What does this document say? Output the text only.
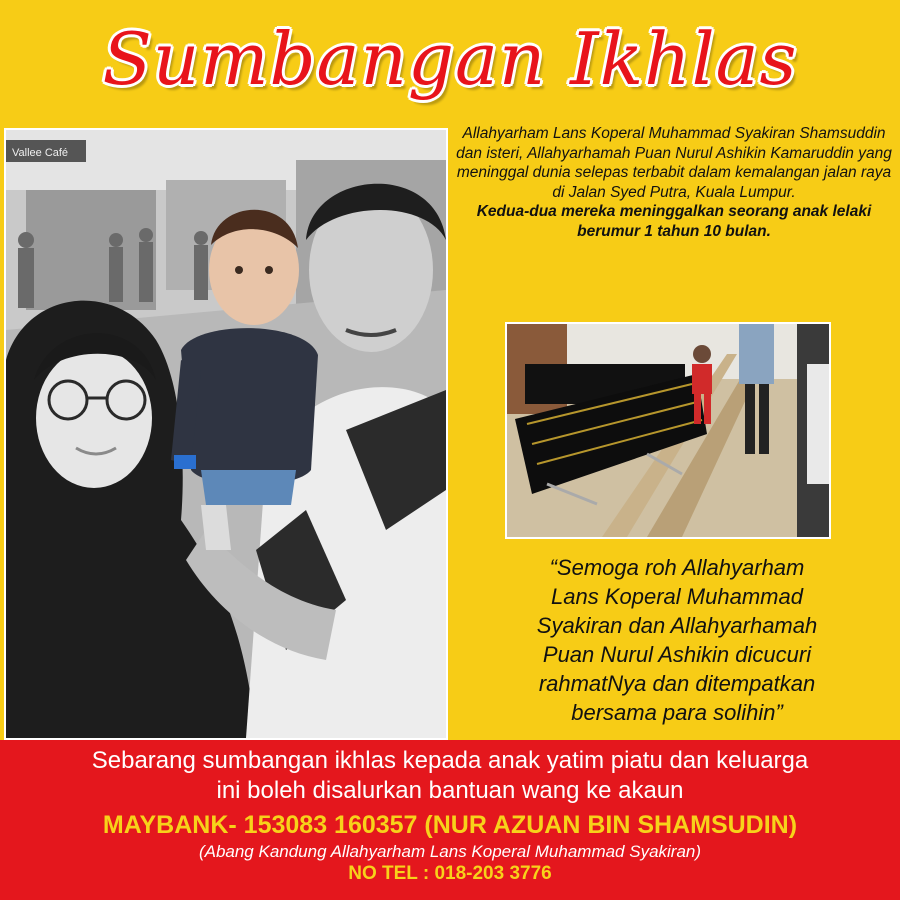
Sumbangan Ikhlas
Vallee Café
Allahyarham Lans Koperal Muhammad Syakiran Shamsuddin dan isteri, Allahyarhamah Puan Nurul Ashikin Kamaruddin yang meninggal dunia selepas terbabit dalam kemalangan jalan raya di Jalan Syed Putra, Kuala Lumpur.
Kedua-dua mereka meninggalkan seorang anak lelaki berumur 1 tahun 10 bulan.
“Semoga roh Allahyarham
Lans Koperal Muhammad
Syakiran dan Allahyarhamah
Puan Nurul Ashikin dicucuri
rahmatNya dan ditempatkan
bersama para solihin”
Sebarang sumbangan ikhlas kepada anak yatim piatu dan keluarga
ini boleh disalurkan bantuan wang ke akaun
MAYBANK- 153083 160357 (NUR AZUAN BIN SHAMSUDIN)
(Abang Kandung Allahyarham Lans Koperal Muhammad Syakiran)
NO TEL : 018-203 3776
